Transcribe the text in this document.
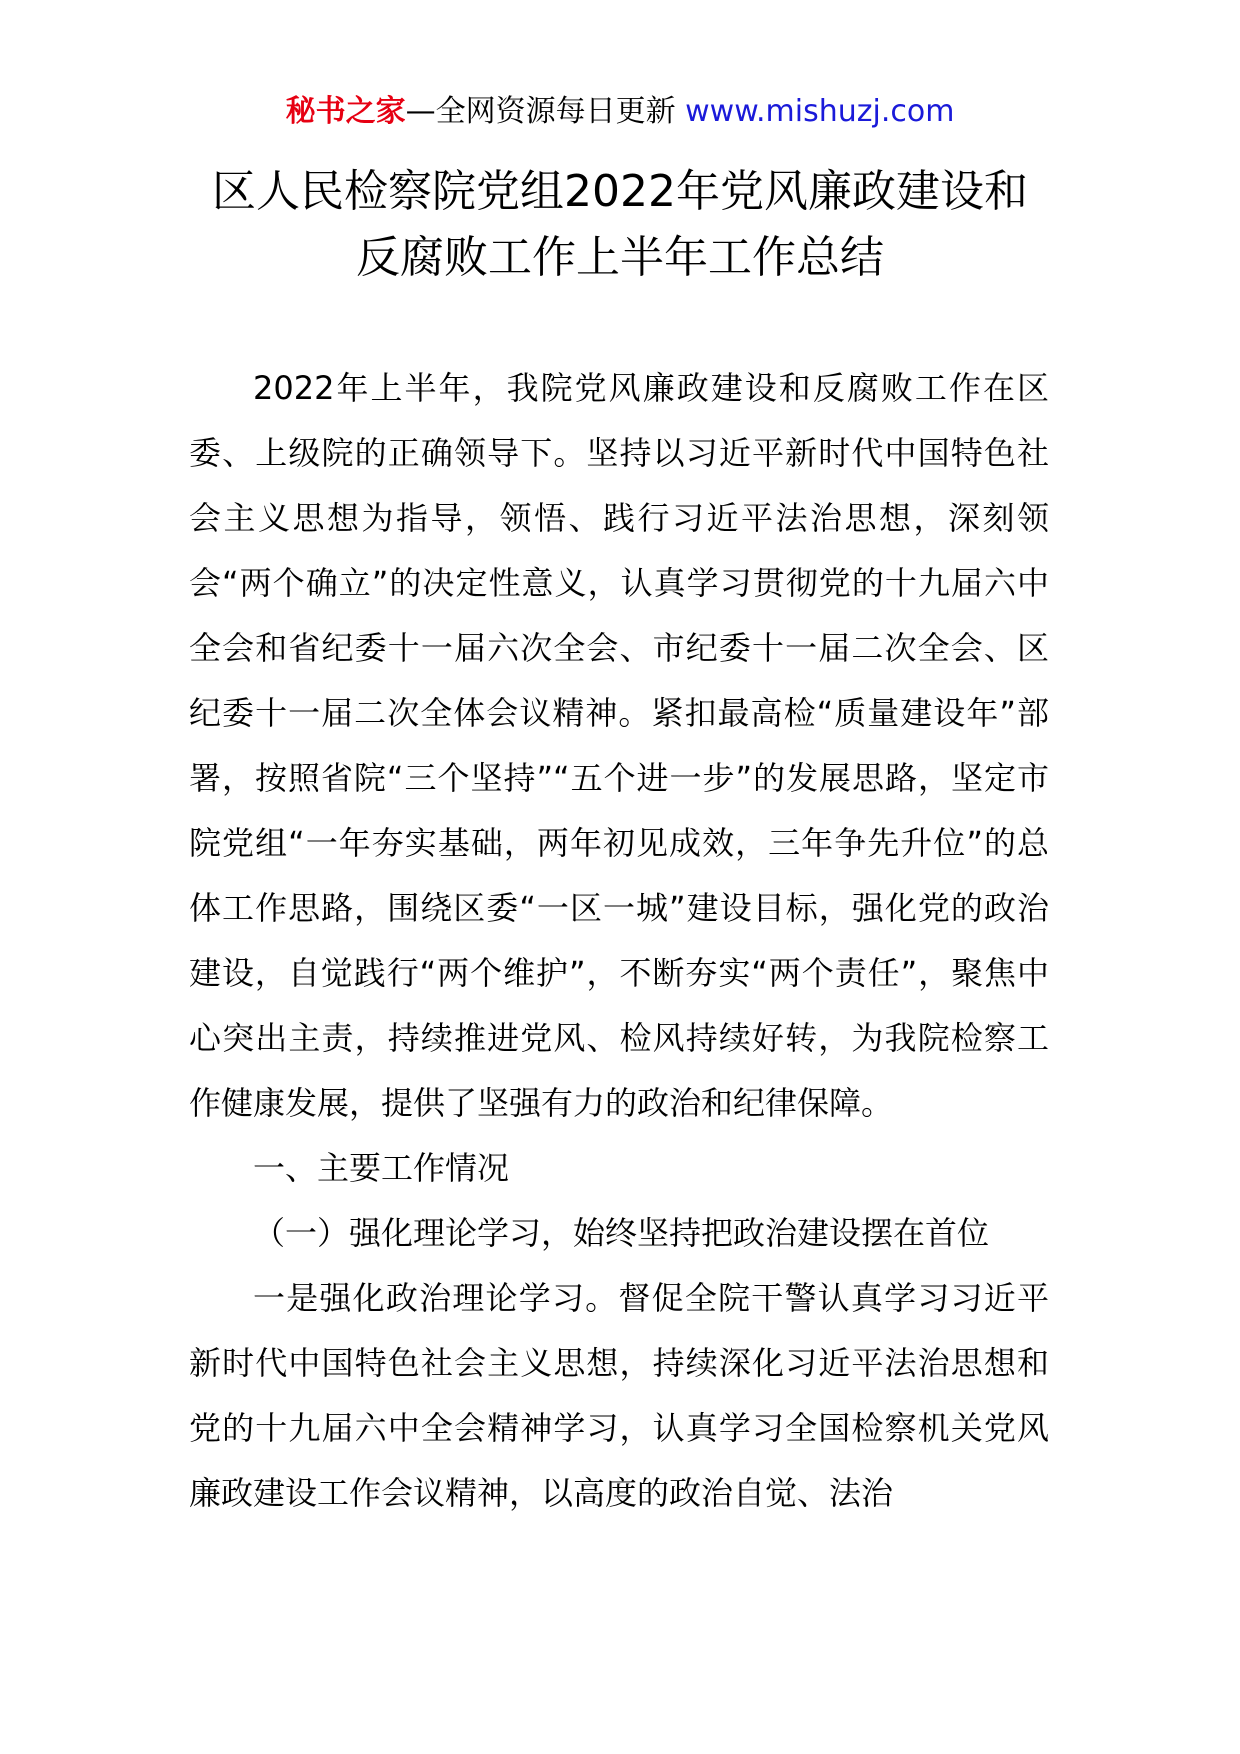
秘书之家—全网资源每日更新 www.mishuzj.com
区人民检察院党组2022年党风廉政建设和
反腐败工作上半年工作总结

2022年上半年，我院党风廉政建设和反腐败工作在区委、上级院的正确领导下。坚持以习近平新时代中国特色社会主义思想为指导，领悟、践行习近平法治思想，深刻领会“两个确立”的决定性意义，认真学习贯彻党的十九届六中全会和省纪委十一届六次全会、市纪委十一届二次全会、区纪委十一届二次全体会议精神。紧扣最高检“质量建设年”部署，按照省院“三个坚持”“五个进一步”的发展思路，坚定市院党组“一年夯实基础，两年初见成效，三年争先升位”的总体工作思路，围绕区委“一区一城”建设目标，强化党的政治建设，自觉践行“两个维护”，不断夯实“两个责任”，聚焦中心突出主责，持续推进党风、检风持续好转，为我院检察工作健康发展，提供了坚强有力的政治和纪律保障。

一、主要工作情况

（一）强化理论学习，始终坚持把政治建设摆在首位

一是强化政治理论学习。督促全院干警认真学习习近平新时代中国特色社会主义思想，持续深化习近平法治思想和党的十九届六中全会精神学习，认真学习全国检察机关党风廉政建设工作会议精神，以高度的政治自觉、法治
